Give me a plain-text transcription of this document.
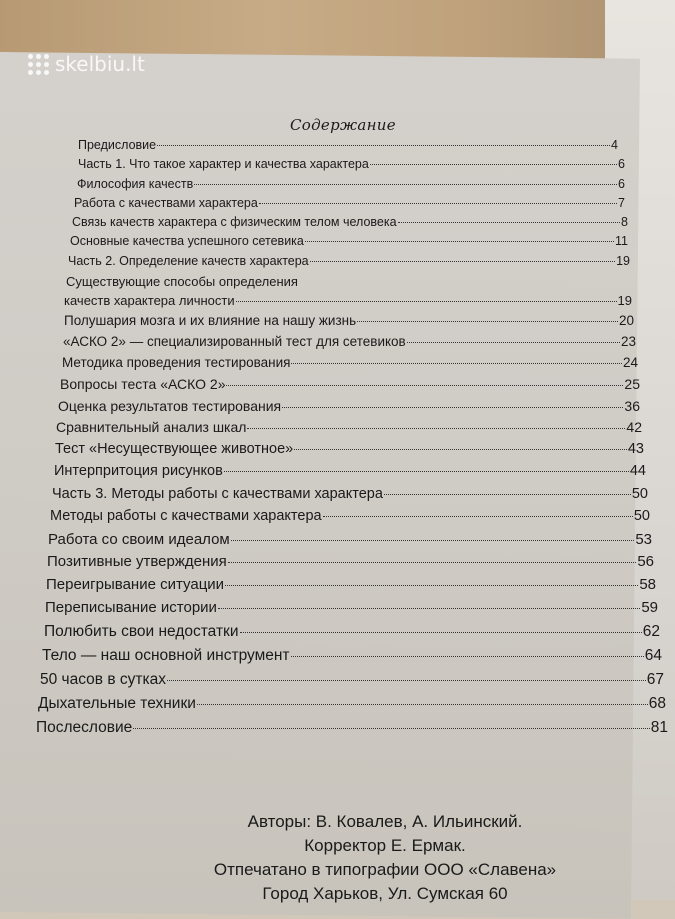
skelbiu.lt
Содержание
Предисловие	4
Часть 1. Что такое характер и качества характера	6
Философия качеств	6
Работа с качествами характера	7
Связь качеств характера с физическим телом человека	8
Основные качества успешного сетевика	11
Часть 2. Определение качеств характера	19
Существующие способы определения
качеств характера личности	19
Полушария мозга и их влияние на нашу жизнь	20
«АСКО 2» — специализированный тест для сетевиков	23
Методика проведения тестирования	24
Вопросы теста «АСКО 2»	25
Оценка результатов тестирования	36
Сравнительный анализ шкал	42
Тест «Несуществующее животное»	43
Интерпритоция рисунков	44
Часть 3. Методы работы с качествами характера	50
Методы работы с качествами характера	50
Работа со своим идеалом	53
Позитивные утверждения	56
Переигрывание ситуации	58
Переписывание истории	59
Полюбить свои недостатки	62
Тело — наш основной инструмент	64
50 часов в сутках	67
Дыхательные техники	68
Послесловие	81
Авторы: В. Ковалев, А. Ильинский.
Корректор Е. Ермак.
Отпечатано в типографии ООО «Славена»
Город Харьков, Ул. Сумская 60
